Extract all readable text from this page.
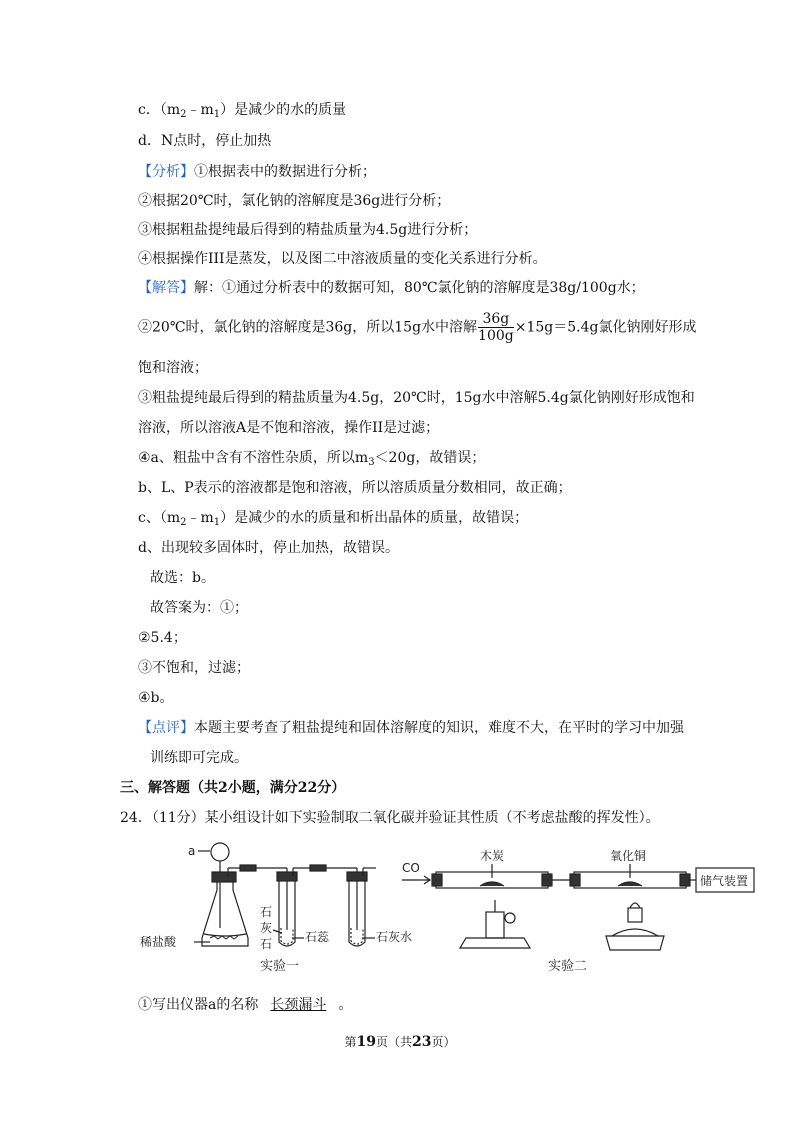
c．$(m_2﹣m_1)$是减少的水的质量
d．N点时，停止加热
【分析】①根据表中的数据进行分析；
②根据20℃时，氯化钠的溶解度是36g进行分析；
③根据粗盐提纯最后得到的精盐质量为4.5g进行分析；
④根据操作III是蒸发，以及图二中溶液质量的变化关系进行分析。
【解答】解：①通过分析表中的数据可知，80℃氯化钠的溶解度是38g/100g水；
②20℃时，氯化钠的溶解度是36g，所以15g水中溶解 $\frac{36g}{100g} \times 15g=5.4g$氯化钠刚好形成
饱和溶液；
③粗盐提纯最后得到的精盐质量为4.5g，20℃时，15g水中溶解5.4g氯化钠刚好形成饱和
溶液，所以溶液A是不饱和溶液，操作II是过滤；
④a、粗盐中含有不溶性杂质，所以$m_3<20g$，故错误；
b、L、P表示的溶液都是饱和溶液，所以溶质质量分数相同，故正确；
c、$(m_2﹣m_1)$是减少的水的质量和析出晶体的质量，故错误；
d、出现较多固体时，停止加热，故错误。
故选：b。
故答案为：①；
②5.4；
③不饱和，过滤；
④b。
【点评】本题主要考查了粗盐提纯和固体溶解度的知识，难度不大，在平时的学习中加强
训练即可完成。
三、解答题（共2小题，满分22分）
24．（11分）某小组设计如下实验制取二氧化碳并验证其性质（不考虑盐酸的挥发性）。
a
稀盐酸
石
灰
石	石蕊	石灰水
实验一
CO
木炭	氧化铜
储气装置
实验二
①写出仪器a的名称 长颈漏斗 。
第19页（共23页）
